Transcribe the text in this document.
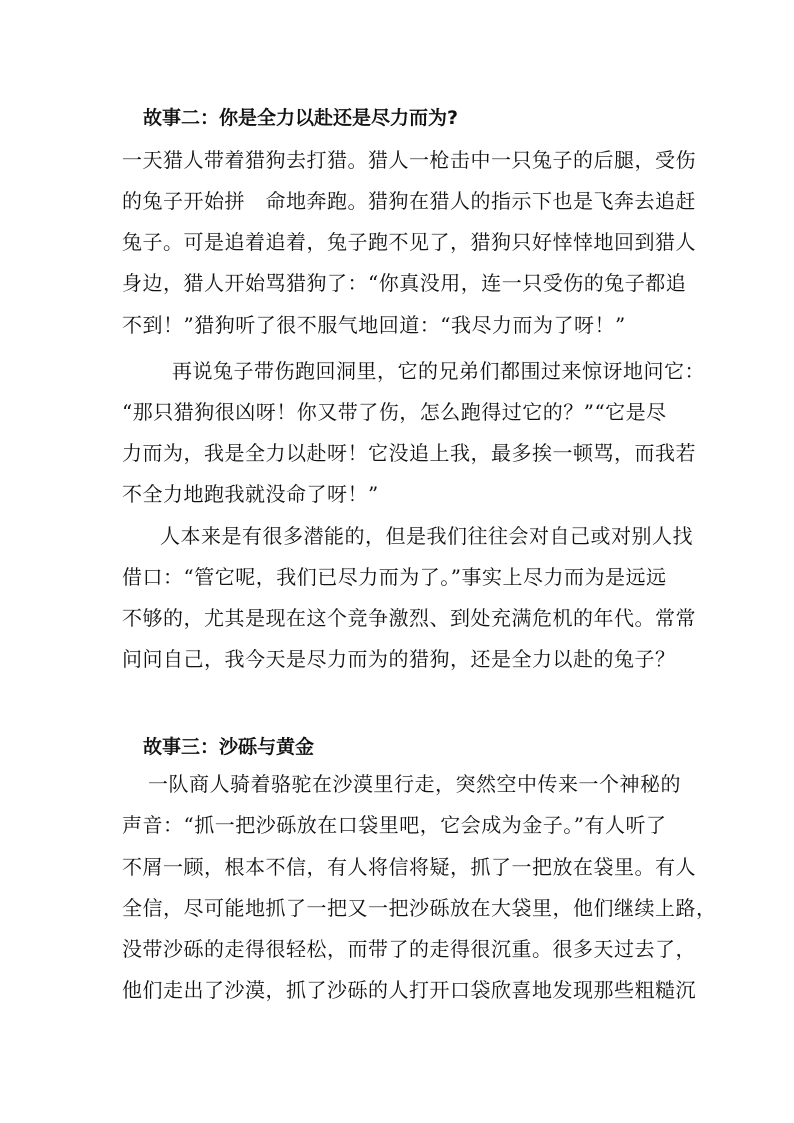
故事二：你是全力以赴还是尽力而为?
一天猎人带着猎狗去打猎。猎人一枪击中一只兔子的后腿，受伤
的兔子开始拼　命地奔跑。猎狗在猎人的指示下也是飞奔去追赶
兔子。可是追着追着，兔子跑不见了，猎狗只好悻悻地回到猎人
身边，猎人开始骂猎狗了：“你真没用，连一只受伤的兔子都追
不到！”猎狗听了很不服气地回道：“我尽力而为了呀！”
再说兔子带伤跑回洞里，它的兄弟们都围过来惊讶地问它：
“那只猎狗很凶呀！你又带了伤，怎么跑得过它的？”“它是尽
力而为，我是全力以赴呀！它没追上我，最多挨一顿骂，而我若
不全力地跑我就没命了呀！”
人本来是有很多潜能的，但是我们往往会对自己或对别人找
借口：“管它呢，我们已尽力而为了。”事实上尽力而为是远远
不够的，尤其是现在这个竞争激烈、到处充满危机的年代。常常
问问自己，我今天是尽力而为的猎狗，还是全力以赴的兔子？
故事三：沙砾与黄金
一队商人骑着骆驼在沙漠里行走，突然空中传来一个神秘的
声音：“抓一把沙砾放在口袋里吧，它会成为金子。”有人听了
不屑一顾，根本不信，有人将信将疑，抓了一把放在袋里。有人
全信，尽可能地抓了一把又一把沙砾放在大袋里，他们继续上路，
没带沙砾的走得很轻松，而带了的走得很沉重。很多天过去了，
他们走出了沙漠，抓了沙砾的人打开口袋欣喜地发现那些粗糙沉
